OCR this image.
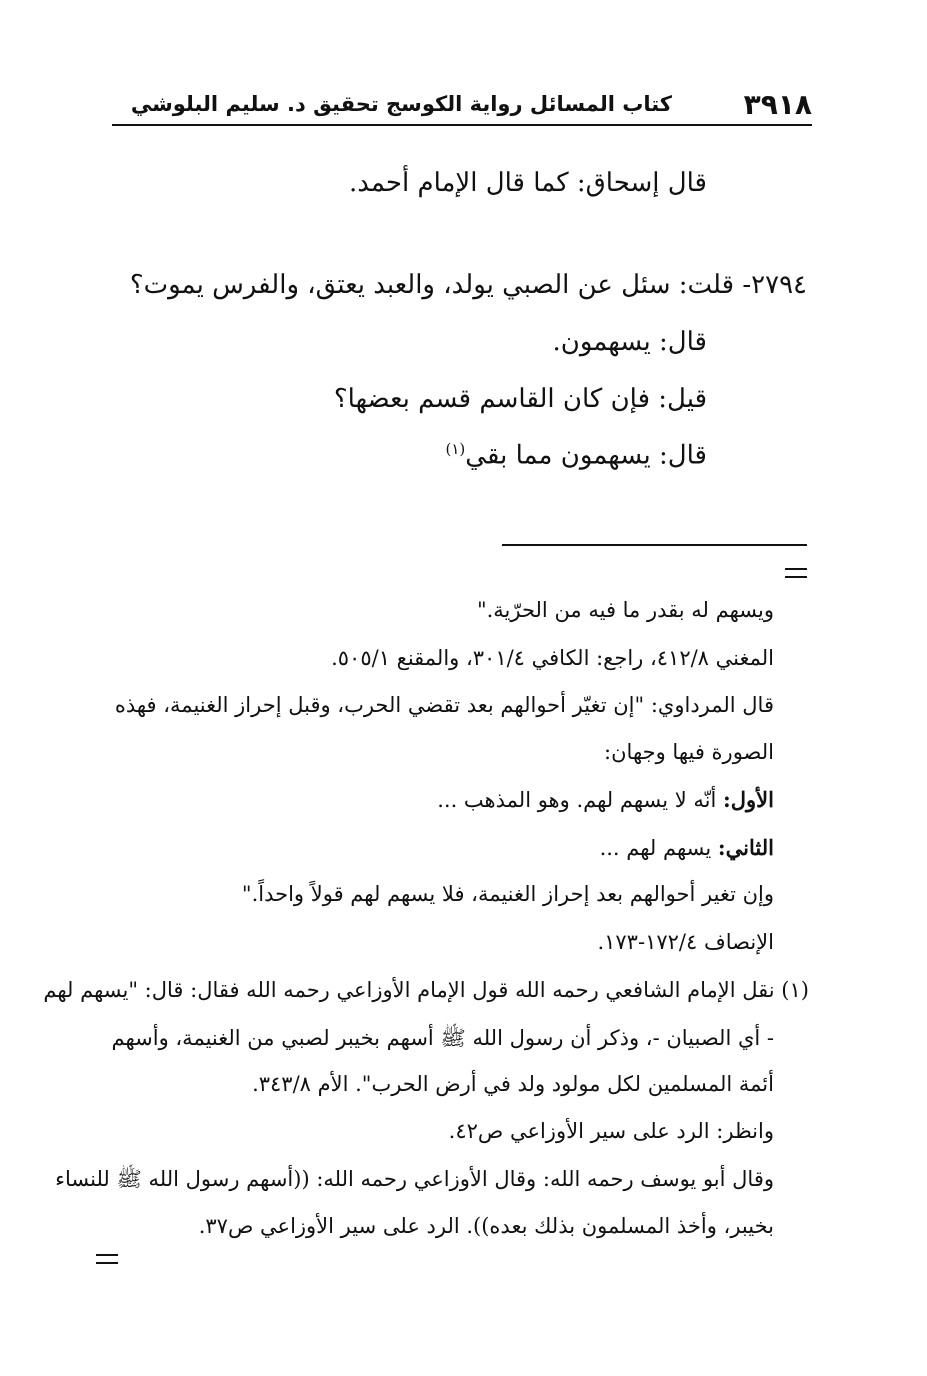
٣٩١٨
كتاب المسائل رواية الكوسج تحقيق د. سليم البلوشي
قال إسحاق: كما قال الإمام أحمد.
٢٧٩٤- قلت: سئل عن الصبي يولد، والعبد يعتق، والفرس يموت؟
قال: يسهمون.
قيل: فإن كان القاسم قسم بعضها؟
قال: يسهمون مما بقي$^{(١)}$
ويسهم له بقدر ما فيه من الحرّية."
المغني ٤١٢/٨، راجع: الكافي ٣٠١/٤، والمقنع ٥٠٥/١.
قال المرداوي: "إن تغيّر أحوالهم بعد تقضي الحرب، وقبل إحراز الغنيمة، فهذه
الصورة فيها وجهان:
الأول: أنّه لا يسهم لهم. وهو المذهب ...
الثاني: يسهم لهم ...
وإن تغير أحوالهم بعد إحراز الغنيمة، فلا يسهم لهم قولاً واحداً."
الإنصاف ١٧٢/٤-١٧٣.
(١) نقل الإمام الشافعي رحمه الله قول الإمام الأوزاعي رحمه الله فقال: قال: "يسهم لهم
- أي الصبيان -، وذكر أن رسول الله ﷺ أسهم بخيبر لصبي من الغنيمة، وأسهم
أئمة المسلمين لكل مولود ولد في أرض الحرب". الأم ٣٤٣/٨.
وانظر: الرد على سير الأوزاعي ص٤٢.
وقال أبو يوسف رحمه الله: وقال الأوزاعي رحمه الله: ((أسهم رسول الله ﷺ للنساء
بخيبر، وأخذ المسلمون بذلك بعده)). الرد على سير الأوزاعي ص٣٧.
